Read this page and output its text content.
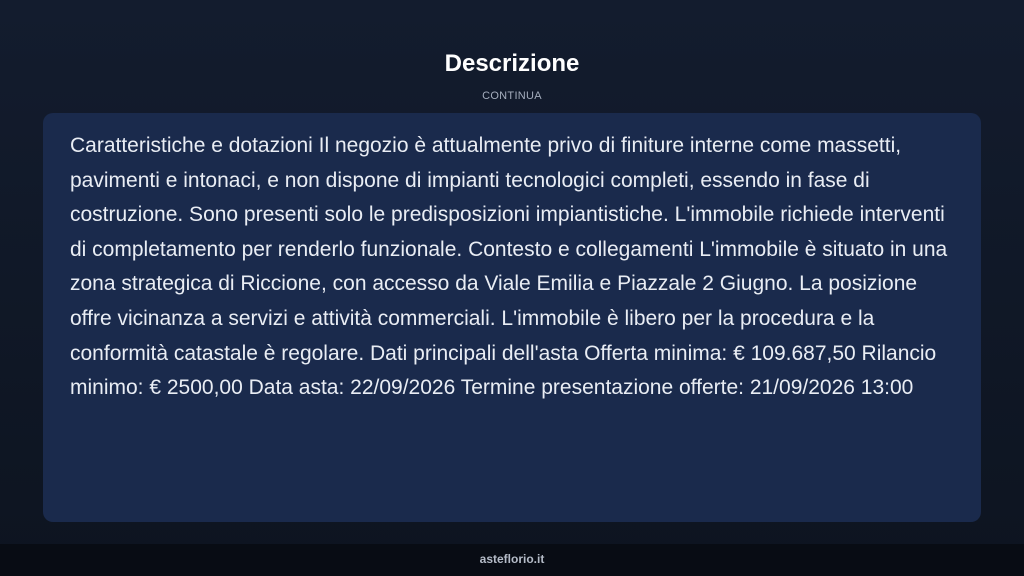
Descrizione
CONTINUA

Caratteristiche e dotazioni Il negozio è attualmente privo di finiture interne come massetti, pavimenti e intonaci, e non dispone di impianti tecnologici completi, essendo in fase di costruzione. Sono presenti solo le predisposizioni impiantistiche. L'immobile richiede interventi di completamento per renderlo funzionale. Contesto e collegamenti L'immobile è situato in una zona strategica di Riccione, con accesso da Viale Emilia e Piazzale 2 Giugno. La posizione offre vicinanza a servizi e attività commerciali. L'immobile è libero per la procedura e la conformità catastale è regolare. Dati principali dell'asta Offerta minima: € 109.687,50 Rilancio minimo: € 2500,00 Data asta: 22/09/2026 Termine presentazione offerte: 21/09/2026 13:00

asteflorio.it
